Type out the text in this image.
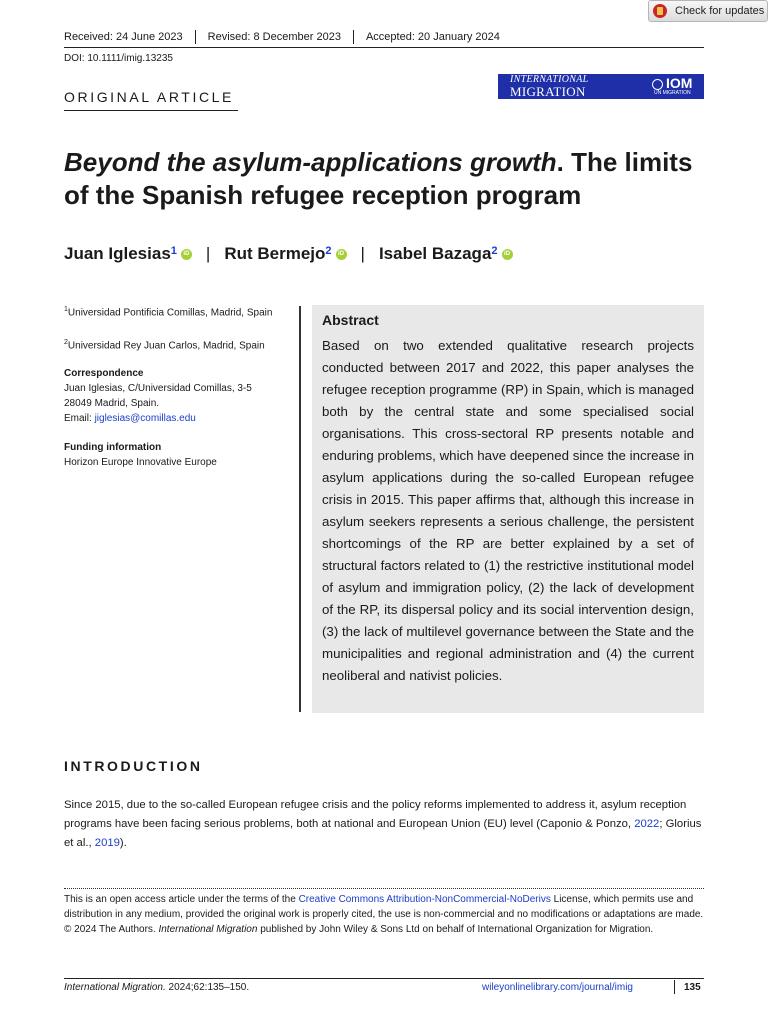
Check for updates
Received: 24 June 2023 Revised: 8 December 2023 Accepted: 20 January 2024
DOI: 10.1111/imig.13235
INTERNATIONAL
MIGRATION
IOM
UN MIGRATION
ORIGINAL ARTICLE
Beyond the asylum-applications growth. The limits of the Spanish refugee reception program
Juan Iglesias$^1$	iD | Rut Bermejo$^2$	iD | Isabel Bazaga$^2$	iD
$^1$Universidad Pontificia Comillas, Madrid, Spain
$^2$Universidad Rey Juan Carlos, Madrid, Spain
Correspondence
Juan Iglesias, C/Universidad Comillas, 3-5
28049 Madrid, Spain.
Email: jiglesias@comillas.edu
Funding information
Horizon Europe Innovative Europe
Abstract
Based on two extended qualitative research projects conducted between 2017 and 2022, this paper analyses the refugee reception programme (RP) in Spain, which is managed both by the central state and some specialised social organisations. This cross-sectoral RP presents notable and enduring problems, which have deepened since the increase in asylum applications during the so-called European refugee crisis in 2015. This paper affirms that, although this increase in asylum seekers represents a serious challenge, the persistent shortcomings of the RP are better explained by a set of structural factors related to (1) the restrictive institutional model of asylum and immigration policy, (2) the lack of development of the RP, its dispersal policy and its social intervention design, (3) the lack of multilevel governance between the State and the municipalities and regional administration and (4) the current neoliberal and nativist policies.
INTRODUCTION
Since 2015, due to the so-called European refugee crisis and the policy reforms implemented to address it, asylum reception programs have been facing serious problems, both at national and European Union (EU) level (Caponio & Ponzo, 2022; Glorius et al., 2019).
This is an open access article under the terms of the Creative Commons Attribution-NonCommercial-NoDerivs License, which permits use and distribution in any medium, provided the original work is properly cited, the use is non-commercial and no modifications or adaptations are made.
© 2024 The Authors. International Migration published by John Wiley & Sons Ltd on behalf of International Organization for Migration.
International Migration. 2024;62:135–150.	wileyonlinelibrary.com/journal/imig	135
